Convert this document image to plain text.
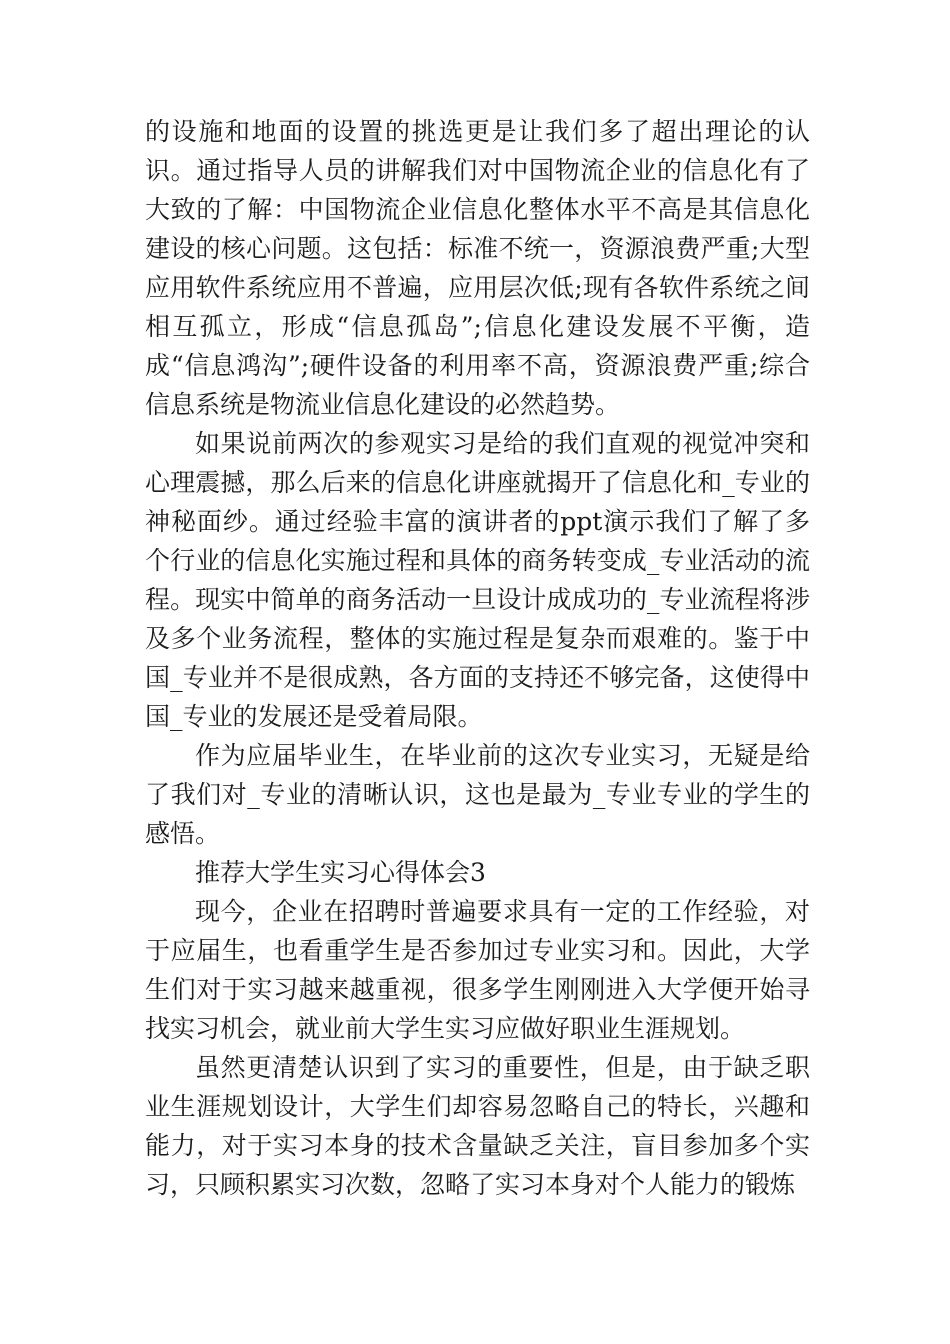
的设施和地面的设置的挑选更是让我们多了超出理论的认识。通过指导人员的讲解我们对中国物流企业的信息化有了大致的了解：中国物流企业信息化整体水平不高是其信息化建设的核心问题。这包括：标准不统一，资源浪费严重;大型应用软件系统应用不普遍，应用层次低;现有各软件系统之间相互孤立，形成“信息孤岛”;信息化建设发展不平衡，造成“信息鸿沟”;硬件设备的利用率不高，资源浪费严重;综合信息系统是物流业信息化建设的必然趋势。

如果说前两次的参观实习是给的我们直观的视觉冲突和心理震撼，那么后来的信息化讲座就揭开了信息化和_专业的神秘面纱。通过经验丰富的演讲者的ppt演示我们了解了多个行业的信息化实施过程和具体的商务转变成_专业活动的流程。现实中简单的商务活动一旦设计成成功的_专业流程将涉及多个业务流程，整体的实施过程是复杂而艰难的。鉴于中国_专业并不是很成熟，各方面的支持还不够完备，这使得中国_专业的发展还是受着局限。

作为应届毕业生，在毕业前的这次专业实习，无疑是给了我们对_专业的清晰认识，这也是最为_专业专业的学生的感悟。

推荐大学生实习心得体会3

现今，企业在招聘时普遍要求具有一定的工作经验，对于应届生，也看重学生是否参加过专业实习和。因此，大学生们对于实习越来越重视，很多学生刚刚进入大学便开始寻找实习机会，就业前大学生实习应做好职业生涯规划。

虽然更清楚认识到了实习的重要性，但是，由于缺乏职业生涯规划设计，大学生们却容易忽略自己的特长，兴趣和能力，对于实习本身的技术含量缺乏关注，盲目参加多个实习，只顾积累实习次数，忽略了实习本身对个人能力的锻炼
